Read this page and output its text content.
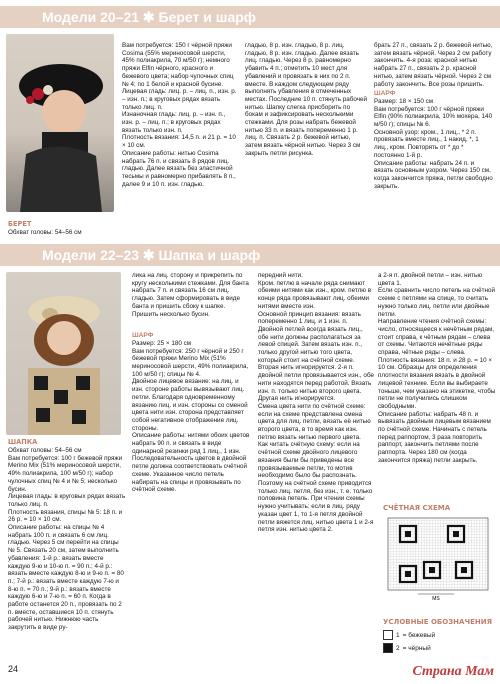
Модели 20–21 ✱ Берет и шарф
БЕРЕТ

Обхват головы: 54–56 см

Вам потребуется: 150 г чёрной пряжи Cosima (55% мериносовой шерсти, 45% полиакрила, 70 м/50 г); немного пряжи Elfin чёрного, красного и бежевого цвета; набор чулочных спиц № 4; по 1 белой и красной бусине.

Лицевая гладь: лиц. р. – лиц. п., изн. р. – изн. п.; в круговых рядах вязать только лиц. п.

Изнаночная гладь: лиц. р. – изн. п., изн. р. – лиц. п.; в круговых рядах вязать только изн. п.

Плотность вязания: 14,5 п. и 21 р. = 10 × 10 см.

Описание работы: нитью Cosima набрать 76 п. и связать 8 рядов лиц. гладью. Далее вязать без эластичной тесьмы и равномерно прибавлять 8 п., далее 9 и 10 п. изн. гладью.

гладью, 8 р. изн. гладью, 8 р. лиц. гладью, 8 р. изн. гладью. Далее вязать лиц. гладью. Через 8 р. равномерно убавить 4 п.; отметить 10 мест для убавлений и провязать в них по 2 п. вместе. В каждом следующем ряду выполнять убавления в отмеченных местах. Последние 10 п. стянуть рабочей нитью. Шапку слегка присборить по бокам и зафиксировать несколькими стежками. Для розы набрать бежевой нитью 33 п. и вязать попеременно 1 р. лиц. п. Связать 2 р. бежевой нитью, затем вязать чёрной нитью. Через 3 см закрыть петли рисунка.

брать 27 п., связать 2 р. бежевой нитью, затем вязать чёрной. Через 2 см работу закончить. 4-я роза: красной нитью набрать 27 п., связать 2 р. красной нитью, затем вязать чёрной. Через 2 см работу закончить. Все розы пришить.

ШАРФ

Размер: 18 × 150 см

Вам потребуется: 100 г чёрной пряжи Elfin (90% полиакрила, 10% мохера, 140 м/50 г); спицы № 6.

Основной узор: кром., 1 лиц., * 2 п. провязать вместе лиц., 1 накид, *, 1 лиц., кром. Повторять от * до * постоянно 1-й р.

Описание работы: набрать 24 п. и вязать основным узором. Через 150 см, когда закончится пряжа, петли свободно закрыть.

Модели 22–23 ✱ Шапка и шарф
ШАПКА

Обхват головы: 54–56 см

Вам потребуется: 100 г бежевой пряжи Merino Mix (51% мериносовой шерсти, 49% полиакрила, 100 м/50 г); набор чулочных спиц № 4 и № 5; несколько бусин.

Лицевая гладь: в круговых рядах вязать только лиц. п.

Плотность вязания, спицы № 5: 18 п. и 26 р. = 10 × 10 см.

Описание работы: на спицы № 4 набрать 100 п. и связать 6 см лиц. гладью. Через 5 см перейти на спицы № 5. Связать 20 см, затем выполнить убавления: 1-й р.: вязать вместе каждую 9-ю и 10-ю п. = 90 п.; 4-й р.: вязать вместе каждую 8-ю и 9-ю п. = 80 п.; 7-й р.: вязать вместе каждую 7-ю и 8-ю п. = 70 п.; 9-й р.: вязать вместе каждую 6-ю и 7-ю п. = 60 п. Когда в работе останется 20 п., провязать по 2 п. вместе, оставшиеся 10 п. стянуть рабочей нитью. Нижнюю часть закрутить в виде ру-

лика на лиц. сторону и прикрепить по кругу несколькими стежками. Для банта набрать 7 п. и связать 16 см лиц. гладью. Затем сформировать в виде банта и пришить сбоку к шапке. Пришить несколько бусин.

ШАРФ

Размер: 25 × 180 см

Вам потребуется: 250 г чёрной и 250 г бежевой пряжи Merino Mix (51% мериносовой шерсти, 49% полиакрила, 100 м/50 г); спицы № 4.

Двойное лицевое вязание: на лиц. и изн. стороне работы вывязывают лиц. петли. Благодаря одновременному вязанию лиц. и изн. стороны со сменой цвета нити изн. сторона представляет собой негативное отображение лиц. стороны.

Описание работы: нитями обоих цветов набрать 90 п. и связать в виде одинарной резинки ряд 1 лиц., 1 изн. Последовательность цветов в двойной петле должна соответствовать счётной схеме. Указанное число петель набирать на спицы и провязывать по счётной схеме.

передний нити.

Кром. петлю в начале ряда снимают обеими нитями как изн., кром. петлю в конце ряда провязывают лиц. обеими нитями вместе изн.

Основной принцип вязания: вязать попеременно 1 лиц. и 1 изн. п. Двойной петлей всегда вязать лиц., обе нити должны располагаться за левой спицей. Затем вязать изн. п., только другой нитью того цвета, который стоит на счётной схеме. Вторая нить игнорируется. 2-я п. двойной петли провязывается изн., обе нити находятся перед работой. Вязать изн. п. только нитью второго цвета. Другая нить игнорируется.

Смена цвета нити по счётной схеме: если на схеме представлена смена цвета для лиц. петли, вязать её нитью второго цвета, в то время как изн. петлю вязать нитью первого цвета.

Как читать счётную схему: если на счётной схеме двойного лицевого вязания были бы приведены все провязываемые петли, то мотив необходимо было бы распознать. Поэтому на счётной схеме приводится только лиц. петля, без изн., т. е. только половина петель. При чтении схемы нужно учитывать: если в лиц. ряду указан цвет 1, то 1-я петля двойной петли вяжется лиц. нитью цвета 1 и 2-я петля изн. нитью цвета 2.

а 2-я п. двойной петли – изн. нитью цвета 1.

Если сравнить число петель на счётной схеме с петлями на спице, то считать нужно только лиц. петли или двойные петли.

Направление чтения счётной схемы: число, относящееся к нечётным рядам, стоит справа, к чётным рядам – слева от схемы. Читаются нечётные ряды справа, чётные ряды – слева.

Плотность вязания: 18 п. и 28 р. = 10 × 10 см. Образцы для определения плотности вязания вязать в двойной лицевой технике. Если вы выбираете тоньше, чем указано на этикетке, чтобы петли не получились слишком свободными.

Описание работы: набрать 48 п. и вывязать двойным лицевым вязанием по счётной схеме. Начинать с петель перед раппортом, 3 раза повторить раппорт, закончить петлями после раппорта. Через 180 см (когда закончится пряжа) петли закрыть.

СЧЁТНАЯ СХЕМА
МS
УСЛОВНЫЕ ОБОЗНАЧЕНИЯ
1 = бежевый
2 = чёрный
24	Страна Мам
